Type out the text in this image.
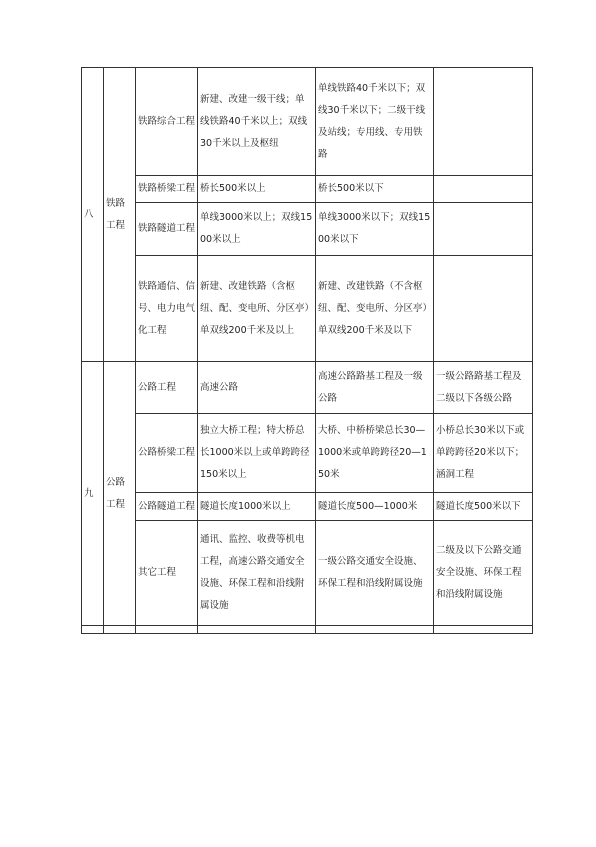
八	铁路工程	铁路综合工程	新建、改建一级干线；单线铁路40千米以上；双线30千米以上及枢纽	单线铁路40千米以下；双线30千米以下；二级干线及站线；专用线、专用铁路	
		铁路桥梁工程	桥长500米以上	桥长500米以下	
		铁路隧道工程	单线3000米以上；双线1500米以上	单线3000米以下；双线1500米以下	
		铁路通信、信号、电力电气化工程	新建、改建铁路（含枢纽、配、变电所、分区亭）单双线200千米及以上	新建、改建铁路（不含枢纽、配、变电所、分区亭）单双线200千米及以下	
九	公路工程	公路工程	高速公路	高速公路路基工程及一级公路	一级公路路基工程及二级以下各级公路
		公路桥梁工程	独立大桥工程；特大桥总长1000米以上或单跨跨径150米以上	大桥、中桥桥梁总长30—1000米或单跨跨径20—150米	小桥总长30米以下或单跨跨径20米以下；涵洞工程
		公路隧道工程	隧道长度1000米以上	隧道长度500—1000米	隧道长度500米以下
		其它工程	通讯、监控、收费等机电工程，高速公路交通安全设施、环保工程和沿线附属设施	一级公路交通安全设施、环保工程和沿线附属设施	二级及以下公路交通安全设施、环保工程和沿线附属设施
